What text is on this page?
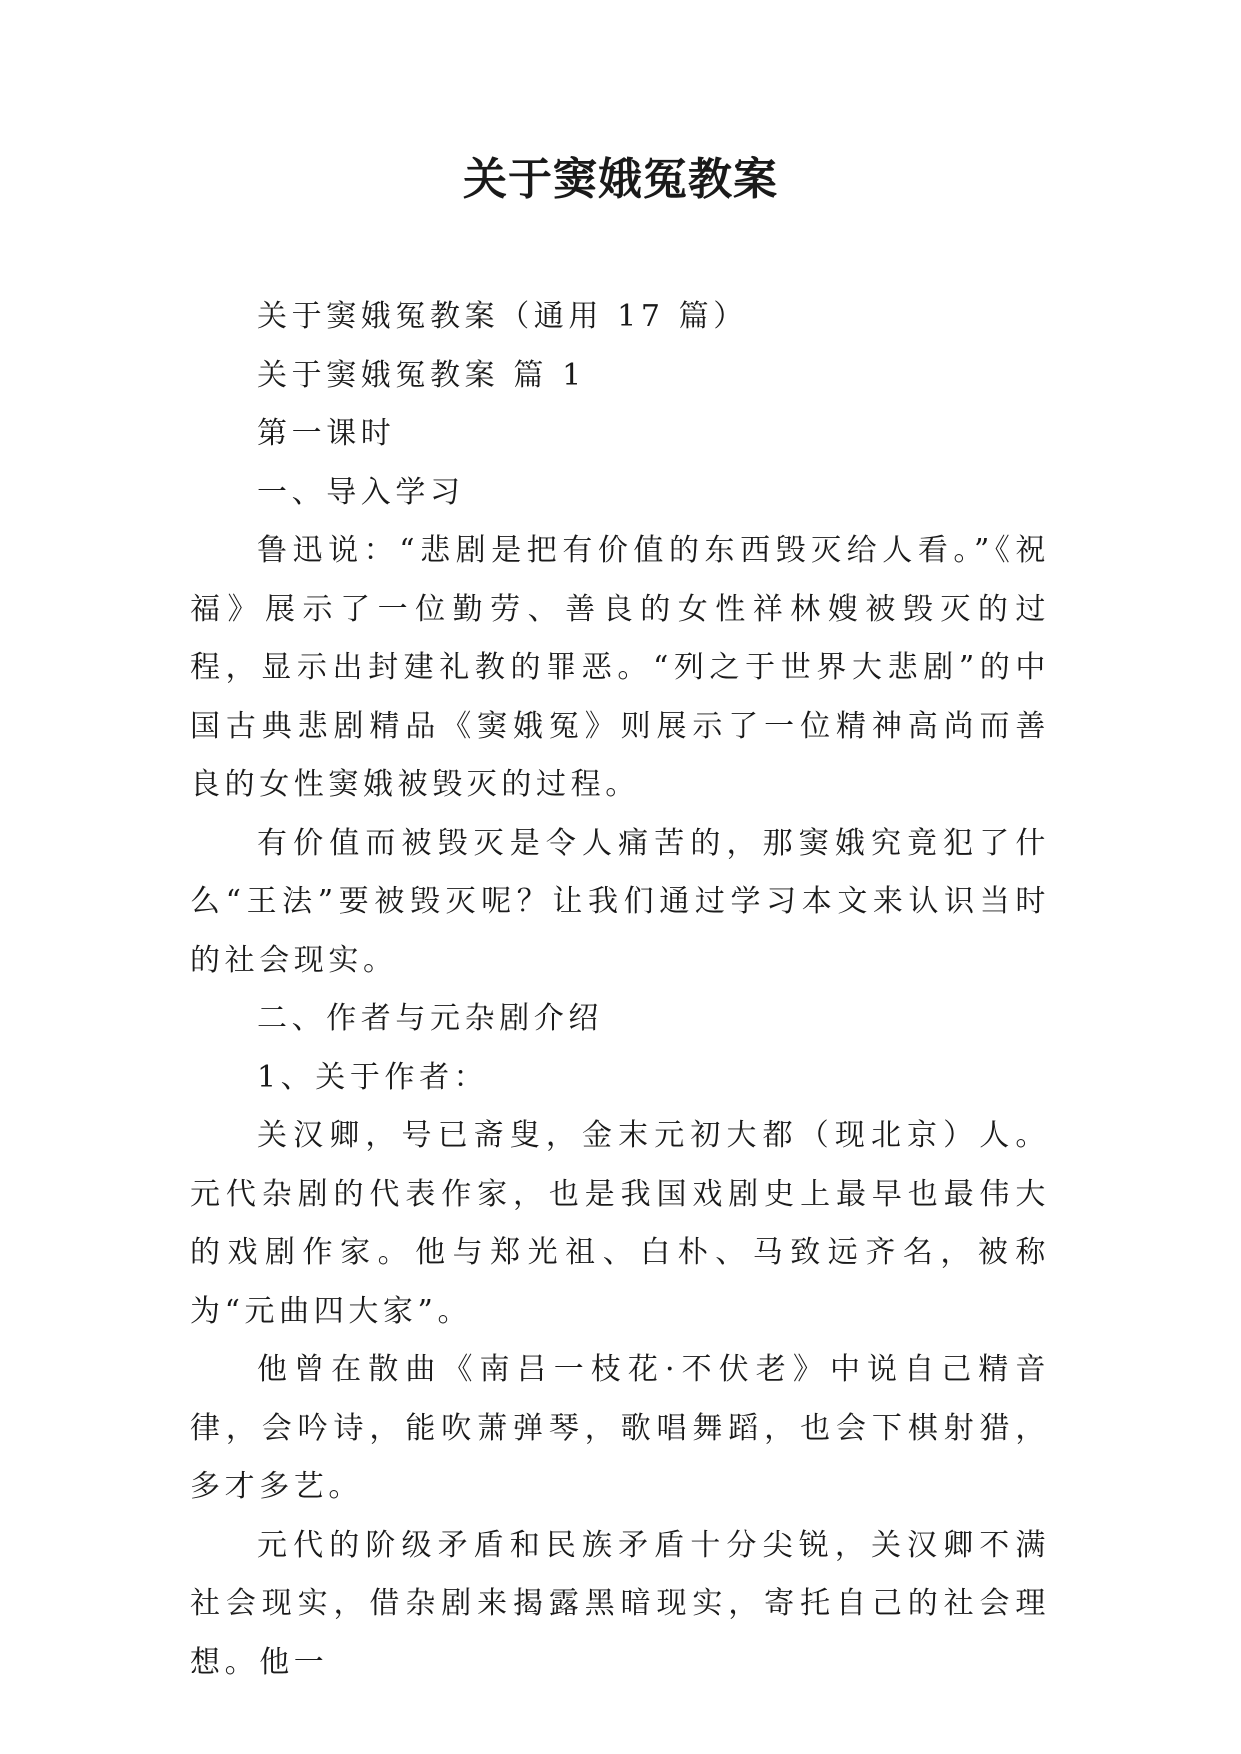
关于窦娥冤教案

关于窦娥冤教案（通用 17 篇）

关于窦娥冤教案 篇 1

第一课时

一、导入学习

鲁迅说：“悲剧是把有价值的东西毁灭给人看。”《祝福》展示了一位勤劳、善良的女性祥林嫂被毁灭的过程，显示出封建礼教的罪恶。“列之于世界大悲剧”的中国古典悲剧精品《窦娥冤》则展示了一位精神高尚而善良的女性窦娥被毁灭的过程。

有价值而被毁灭是令人痛苦的，那窦娥究竟犯了什么“王法”要被毁灭呢？让我们通过学习本文来认识当时的社会现实。

二、作者与元杂剧介绍

1、关于作者：

关汉卿，号已斋叟，金末元初大都（现北京）人。元代杂剧的代表作家，也是我国戏剧史上最早也最伟大的戏剧作家。他与郑光祖、白朴、马致远齐名，被称为“元曲四大家”。

他曾在散曲《南吕一枝花·不伏老》中说自己精音律，会吟诗，能吹萧弹琴，歌唱舞蹈，也会下棋射猎，多才多艺。

元代的阶级矛盾和民族矛盾十分尖锐，关汉卿不满社会现实，借杂剧来揭露黑暗现实，寄托自己的社会理想。他一
